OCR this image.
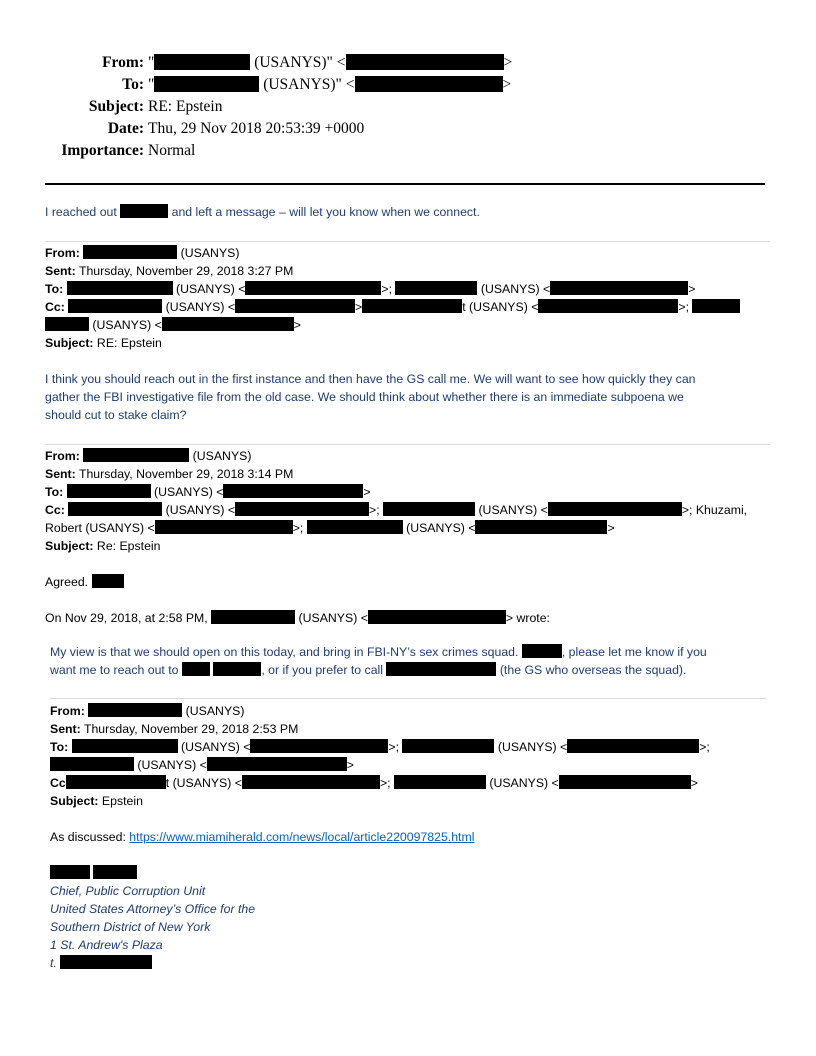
From: "	(USANYS)" <	>
To: "	(USANYS)" <	>
Subject: RE: Epstein
Date: Thu, 29 Nov 2018 20:53:39 +0000
Importance: Normal
I reached out	and left a message – will let you know when we connect.
From:	(USANYS)
Sent: Thursday, November 29, 2018 3:27 PM
To:	(USANYS) <	>;	(USANYS) <	>
Cc:	(USANYS) <	>	t (USANYS) <	>;
(USANYS) <	>
Subject: RE: Epstein
I think you should reach out in the first instance and then have the GS call me. We will want to see how quickly they can
gather the FBI investigative file from the old case. We should think about whether there is an immediate subpoena we
should cut to stake claim?
From:	(USANYS)
Sent: Thursday, November 29, 2018 3:14 PM
To:	(USANYS) <	>
Cc:	(USANYS) <	>;	(USANYS) <	>; Khuzami,
Robert (USANYS) <	>;	(USANYS) <	>
Subject: Re: Epstein
Agreed.
On Nov 29, 2018, at 2:58 PM,	(USANYS) <	> wrote:
My view is that we should open on this today, and bring in FBI-NY’s sex crimes squad.	, please let me know if you
want me to reach out to	, or if you prefer to call	(the GS who overseas the squad).
From:	(USANYS)
Sent: Thursday, November 29, 2018 2:53 PM
To:	(USANYS) <	>;	(USANYS) <	>;
(USANYS) <	>
Cc	t (USANYS) <	>;	(USANYS) <	>
Subject: Epstein
As discussed: https://www.miamiherald.com/news/local/article220097825.html

Chief, Public Corruption Unit
United States Attorney’s Office for the
Southern District of New York
1 St. Andrew's Plaza
t.
